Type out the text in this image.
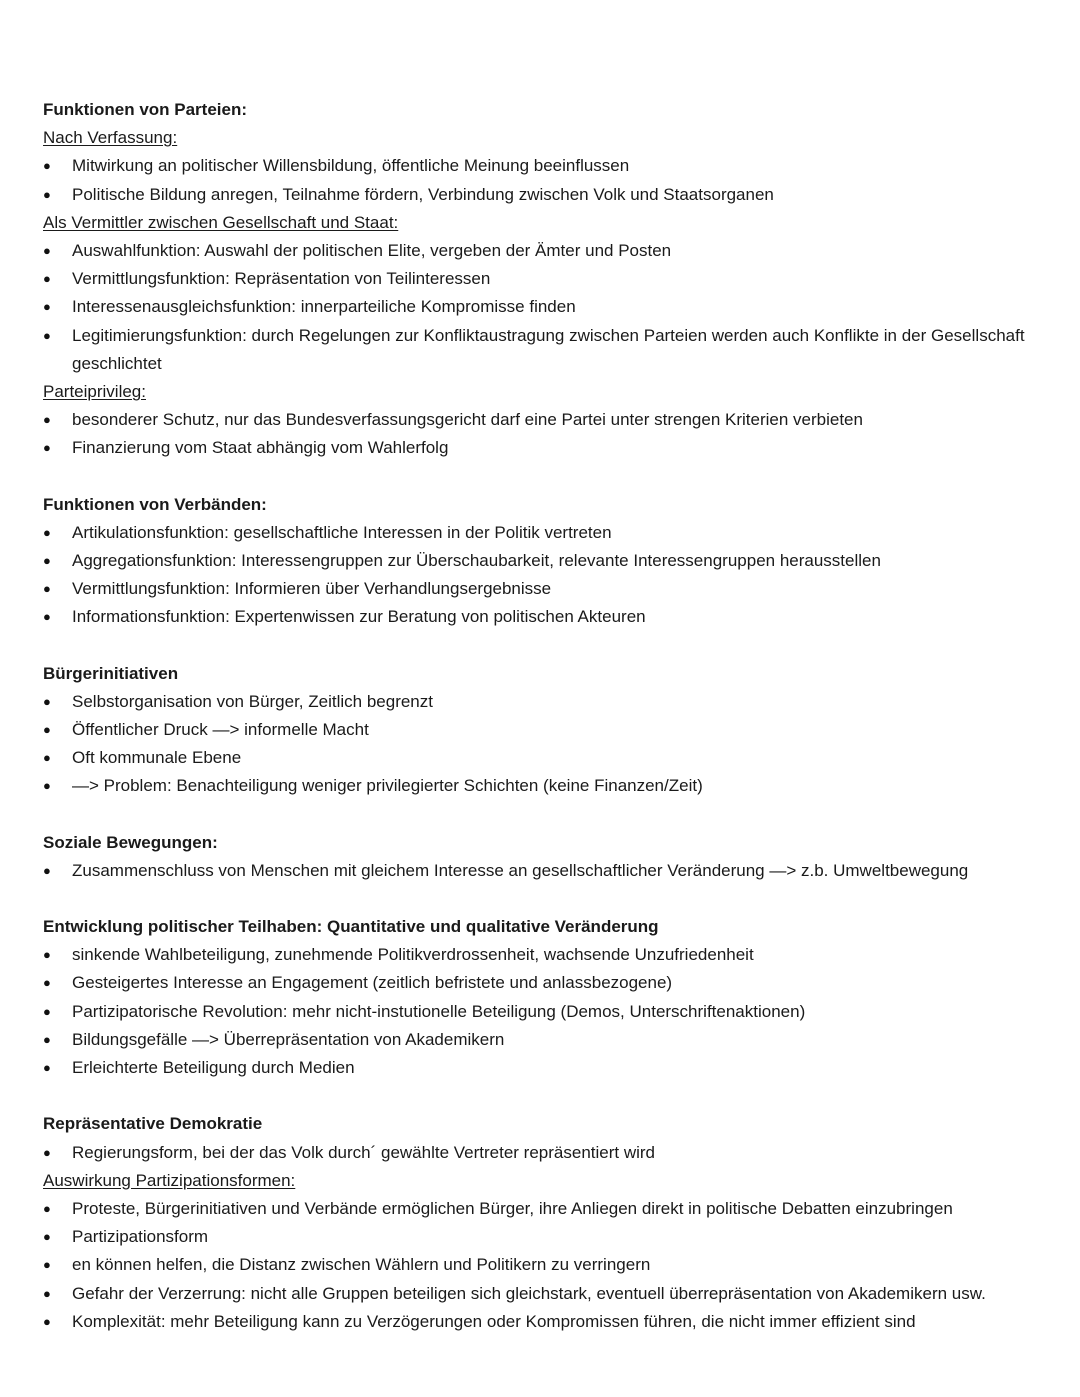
Funktionen von Parteien:

Nach Verfassung:

Mitwirkung an politischer Willensbildung, öffentliche Meinung beeinflussen
Politische Bildung anregen, Teilnahme fördern, Verbindung zwischen Volk und Staatsorganen

Als Vermittler zwischen Gesellschaft und Staat:

Auswahlfunktion: Auswahl der politischen Elite, vergeben der Ämter und Posten
Vermittlungsfunktion: Repräsentation von Teilinteressen
Interessenausgleichsfunktion: innerparteiliche Kompromisse finden
Legitimierungsfunktion: durch Regelungen zur Konfliktaustragung zwischen Parteien werden auch Konflikte in der Gesellschaft geschlichtet

Parteiprivileg:

besonderer Schutz, nur das Bundesverfassungsgericht darf eine Partei unter strengen Kriterien verbieten
Finanzierung vom Staat abhängig vom Wahlerfolg

Funktionen von Verbänden:

Artikulationsfunktion: gesellschaftliche Interessen in der Politik vertreten
Aggregationsfunktion: Interessengruppen zur Überschaubarkeit, relevante Interessengruppen herausstellen
Vermittlungsfunktion: Informieren über Verhandlungsergebnisse
Informationsfunktion: Expertenwissen zur Beratung von politischen Akteuren

Bürgerinitiativen

Selbstorganisation von Bürger, Zeitlich begrenzt
Öffentlicher Druck —> informelle Macht
Oft kommunale Ebene
—> Problem: Benachteiligung weniger privilegierter Schichten (keine Finanzen/Zeit)

Soziale Bewegungen:

Zusammenschluss von Menschen mit gleichem Interesse an gesellschaftlicher Veränderung —> z.b. Umweltbewegung

Entwicklung politischer Teilhaben: Quantitative und qualitative Veränderung

sinkende Wahlbeteiligung, zunehmende Politikverdrossenheit, wachsende Unzufriedenheit
Gesteigertes Interesse an Engagement (zeitlich befristete und anlassbezogene)
Partizipatorische Revolution: mehr nicht-instutionelle Beteiligung (Demos, Unterschriftenaktionen)
Bildungsgefälle —> Überrepräsentation von Akademikern
Erleichterte Beteiligung durch Medien

Repräsentative Demokratie

Regierungsform, bei der das Volk durch´ gewählte Vertreter repräsentiert wird

Auswirkung Partizipationsformen:

Proteste, Bürgerinitiativen und Verbände ermöglichen Bürger, ihre Anliegen direkt in politische Debatten einzubringen
Partizipationsform
en können helfen, die Distanz zwischen Wählern und Politikern zu verringern
Gefahr der Verzerrung: nicht alle Gruppen beteiligen sich gleichstark, eventuell überrepräsentation von Akademikern usw.
Komplexität: mehr Beteiligung kann zu Verzögerungen oder Kompromissen führen, die nicht immer effizient sind
